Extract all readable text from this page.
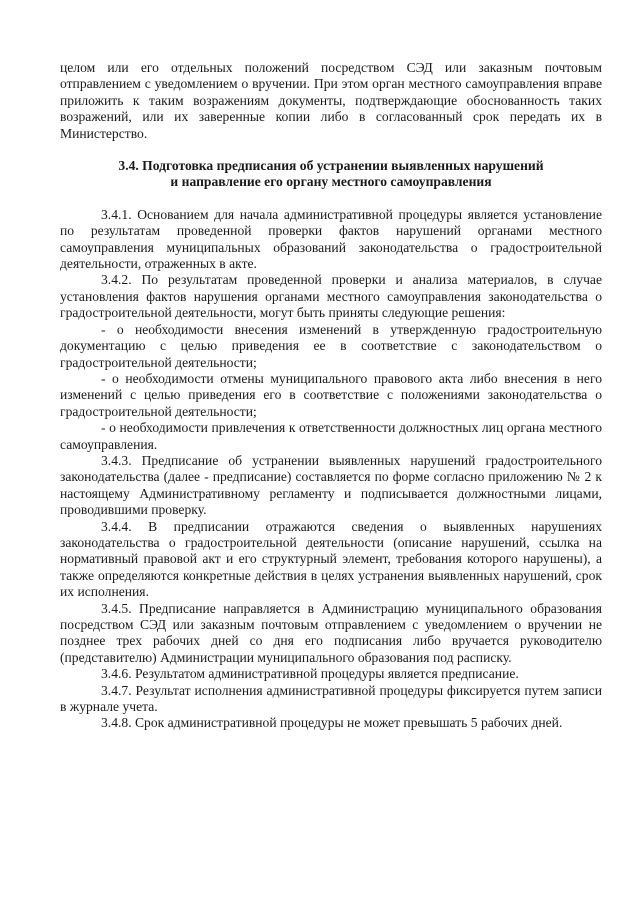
целом или его отдельных положений посредством СЭД или заказным почтовым отправлением с уведомлением о вручении. При этом орган местного самоуправления вправе приложить к таким возражениям документы, подтверждающие обоснованность таких возражений, или их заверенные копии либо в согласованный срок передать их в Министерство.

3.4. Подготовка предписания об устранении выявленных нарушений
и направление его органу местного самоуправления

3.4.1. Основанием для начала административной процедуры является установление по результатам проведенной проверки фактов нарушений органами местного самоуправления муниципальных образований законодательства о градостроительной деятельности, отраженных в акте.

3.4.2. По результатам проведенной проверки и анализа материалов, в случае установления фактов нарушения органами местного самоуправления законодательства о градостроительной деятельности, могут быть приняты следующие решения:

- о необходимости внесения изменений в утвержденную градостроительную документацию с целью приведения ее в соответствие с законодательством о градостроительной деятельности;

- о необходимости отмены муниципального правового акта либо внесения в него изменений с целью приведения его в соответствие с положениями законодательства о градостроительной деятельности;

- о необходимости привлечения к ответственности должностных лиц органа местного самоуправления.

3.4.3. Предписание об устранении выявленных нарушений градостроительного законодательства (далее - предписание) составляется по форме согласно приложению № 2 к настоящему Административному регламенту и подписывается должностными лицами, проводившими проверку.

3.4.4. В предписании отражаются сведения о выявленных нарушениях законодательства о градостроительной деятельности (описание нарушений, ссылка на нормативный правовой акт и его структурный элемент, требования которого нарушены), а также определяются конкретные действия в целях устранения выявленных нарушений, срок их исполнения.

3.4.5. Предписание направляется в Администрацию муниципального образования посредством СЭД или заказным почтовым отправлением с уведомлением о вручении не позднее трех рабочих дней со дня его подписания либо вручается руководителю (представителю) Администрации муниципального образования под расписку.

3.4.6. Результатом административной процедуры является предписание.

3.4.7. Результат исполнения административной процедуры фиксируется путем записи в журнале учета.

3.4.8. Срок административной процедуры не может превышать 5 рабочих дней.
